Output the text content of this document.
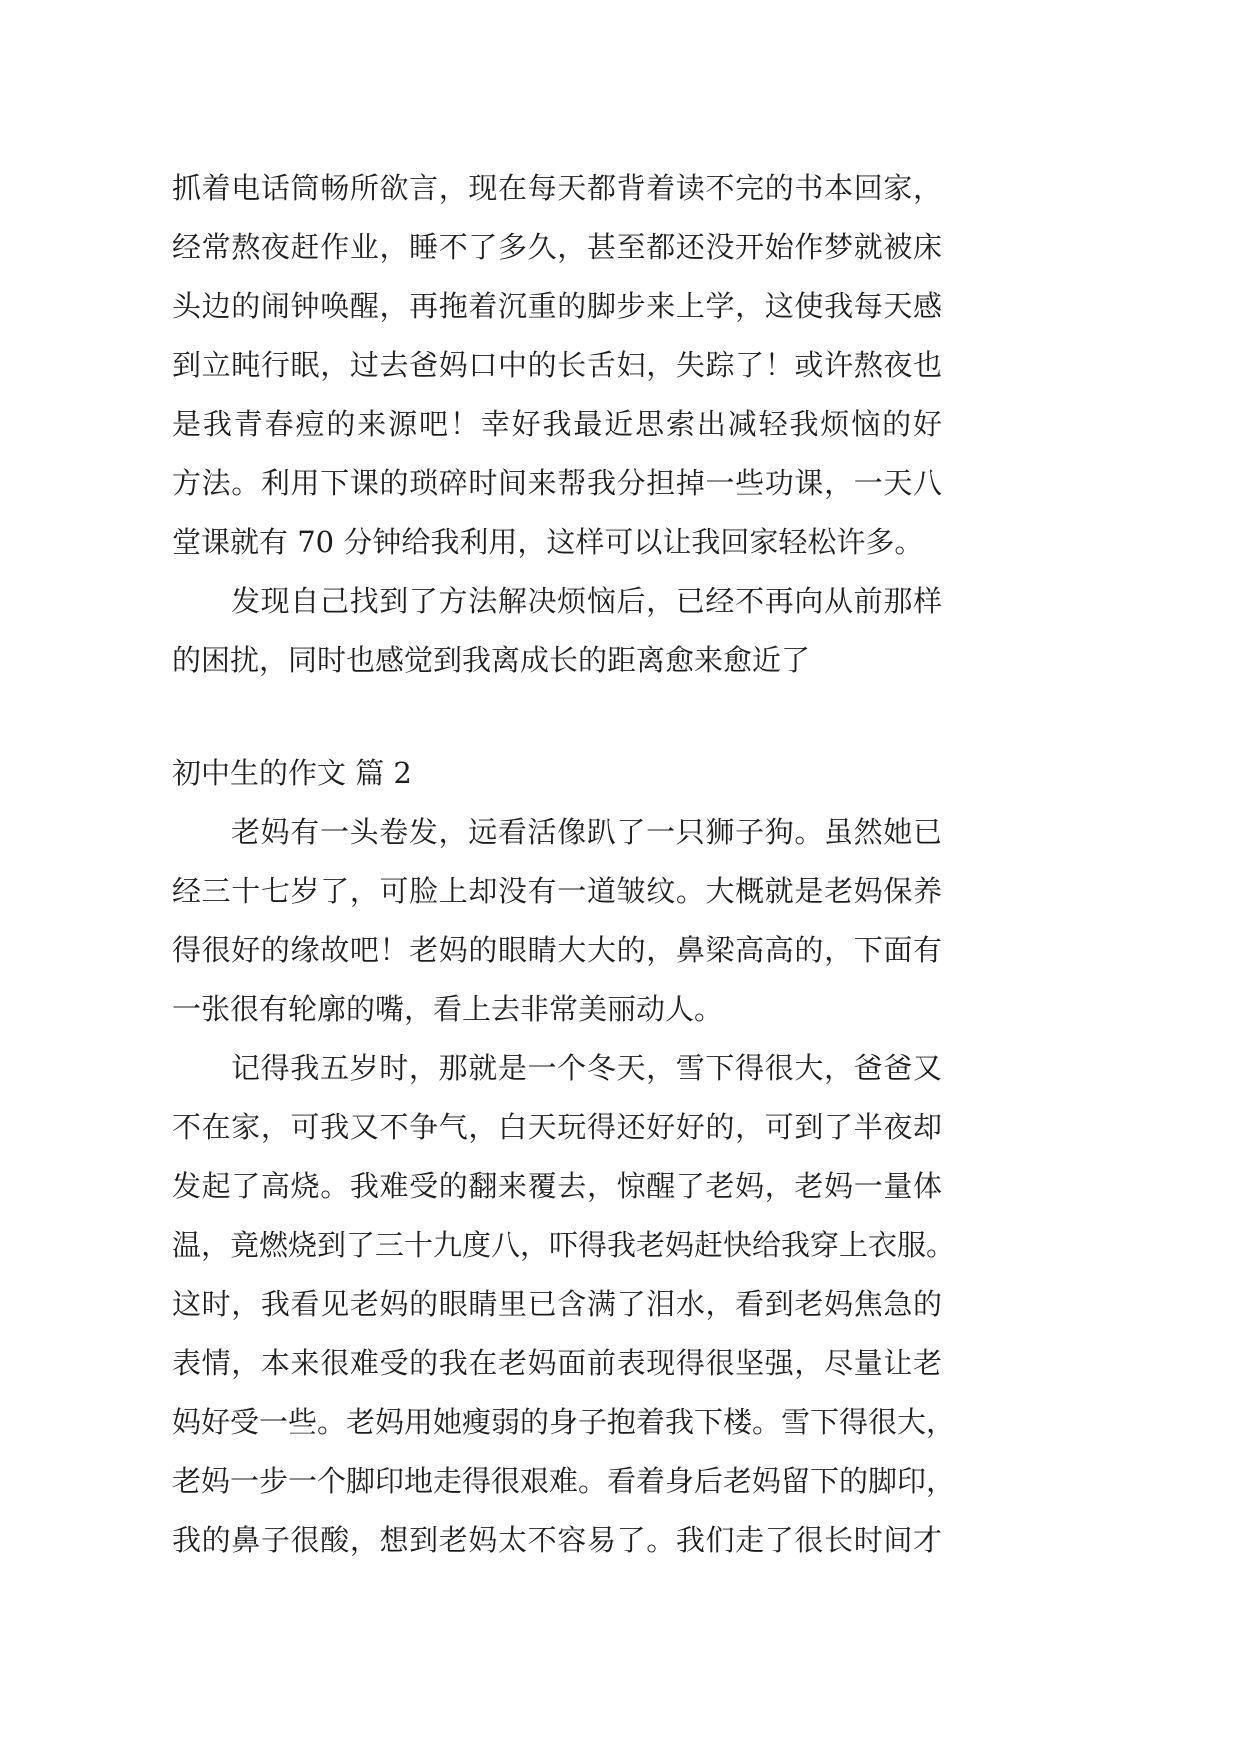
抓着电话筒畅所欲言，现在每天都背着读不完的书本回家，
经常熬夜赶作业，睡不了多久，甚至都还没开始作梦就被床
头边的闹钟唤醒，再拖着沉重的脚步来上学，这使我每天感
到立盹行眠，过去爸妈口中的长舌妇，失踪了！或许熬夜也
是我青春痘的来源吧！幸好我最近思索出减轻我烦恼的好
方法。利用下课的琐碎时间来帮我分担掉一些功课，一天八
堂课就有 70 分钟给我利用，这样可以让我回家轻松许多。
发现自己找到了方法解决烦恼后，已经不再向从前那样
的困扰，同时也感觉到我离成长的距离愈来愈近了
初中生的作文 篇 2
老妈有一头卷发，远看活像趴了一只狮子狗。虽然她已
经三十七岁了，可脸上却没有一道皱纹。大概就是老妈保养
得很好的缘故吧！老妈的眼睛大大的，鼻梁高高的，下面有
一张很有轮廓的嘴，看上去非常美丽动人。
记得我五岁时，那就是一个冬天，雪下得很大，爸爸又
不在家，可我又不争气，白天玩得还好好的，可到了半夜却
发起了高烧。我难受的翻来覆去，惊醒了老妈，老妈一量体
温，竟燃烧到了三十九度八，吓得我老妈赶快给我穿上衣服。
这时，我看见老妈的眼睛里已含满了泪水，看到老妈焦急的
表情，本来很难受的我在老妈面前表现得很坚强，尽量让老
妈好受一些。老妈用她瘦弱的身子抱着我下楼。雪下得很大，
老妈一步一个脚印地走得很艰难。看着身后老妈留下的脚印，
我的鼻子很酸，想到老妈太不容易了。我们走了很长时间才
